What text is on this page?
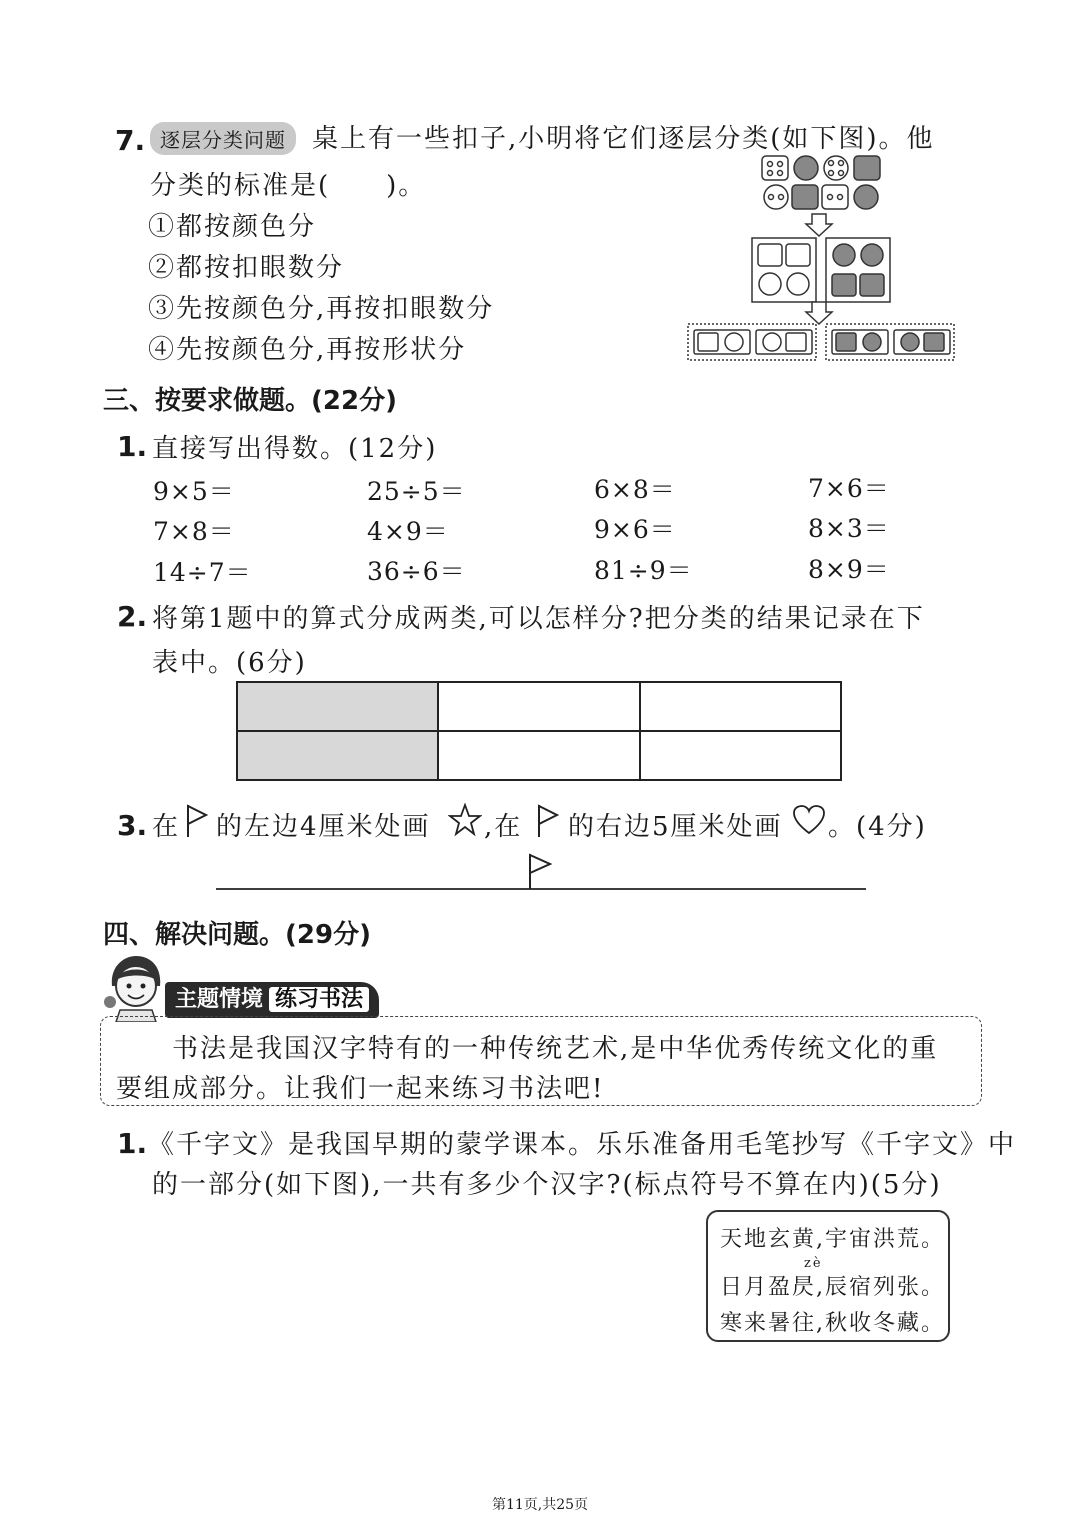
7. 逐层分类问题	桌上有一些扣子,小明将它们逐层分类(如下图)。他
分类的标准是(　　)。
①都按颜色分
②都按扣眼数分
③先按颜色分,再按扣眼数分
④先按颜色分,再按形状分
三、按要求做题。(22分)
1. 直接写出得数。(12分)
9×5＝	25÷5＝	6×8＝	7×6＝
7×8＝	4×9＝	9×6＝	8×3＝
14÷7＝	36÷6＝	81÷9＝	8×9＝
2. 将第1题中的算式分成两类,可以怎样分?把分类的结果记录在下
表中。(6分)

3. 在 的左边4厘米处画 ,在 的右边5厘米处画 。(4分)
四、解决问题。(29分)
主题情境 练习书法
书法是我国汉字特有的一种传统艺术,是中华优秀传统文化的重
要组成部分。让我们一起来练习书法吧!
1. 《千字文》是我国早期的蒙学课本。乐乐准备用毛笔抄写《千字文》中
的一部分(如下图),一共有多少个汉字?(标点符号不算在内)(5分)
天地玄黄,宇宙洪荒。
zè
日月盈昃,辰宿列张。
寒来暑往,秋收冬藏。
第11页,共25页
